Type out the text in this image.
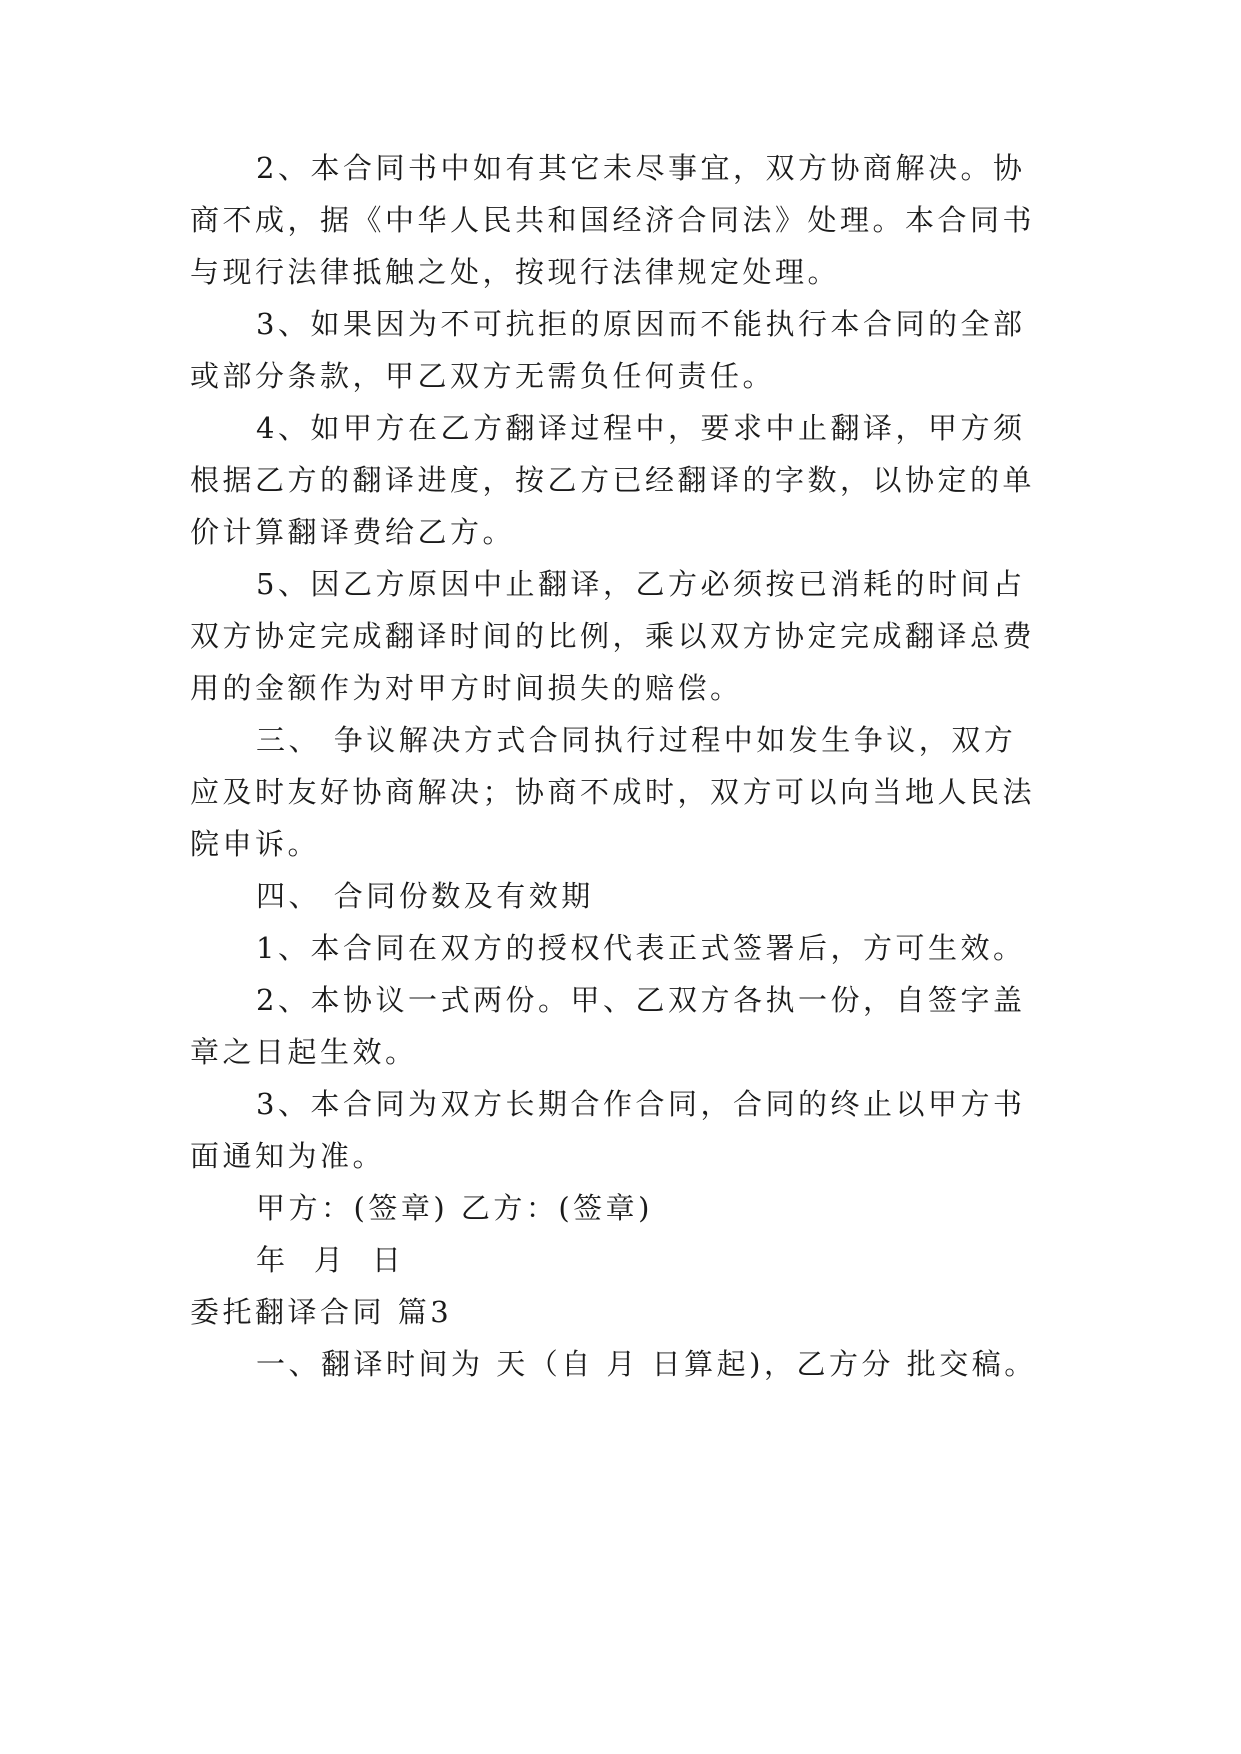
2、本合同书中如有其它未尽事宜，双方协商解决。协
商不成，据《中华人民共和国经济合同法》处理。本合同书
与现行法律抵触之处，按现行法律规定处理。
3、如果因为不可抗拒的原因而不能执行本合同的全部
或部分条款，甲乙双方无需负任何责任。
4、如甲方在乙方翻译过程中，要求中止翻译，甲方须
根据乙方的翻译进度，按乙方已经翻译的字数，以协定的单
价计算翻译费给乙方。
5、因乙方原因中止翻译，乙方必须按已消耗的时间占
双方协定完成翻译时间的比例，乘以双方协定完成翻译总费
用的金额作为对甲方时间损失的赔偿。
三、 争议解决方式合同执行过程中如发生争议，双方
应及时友好协商解决；协商不成时，双方可以向当地人民法
院申诉。
四、 合同份数及有效期
1、本合同在双方的授权代表正式签署后，方可生效。
2、本协议一式两份。甲、乙双方各执一份，自签字盖
章之日起生效。
3、本合同为双方长期合作合同，合同的终止以甲方书
面通知为准。
甲方：(签章) 乙方：(签章)
年  月  日
委托翻译合同 篇3
一、翻译时间为 天（自 月 日算起)，乙方分 批交稿。
